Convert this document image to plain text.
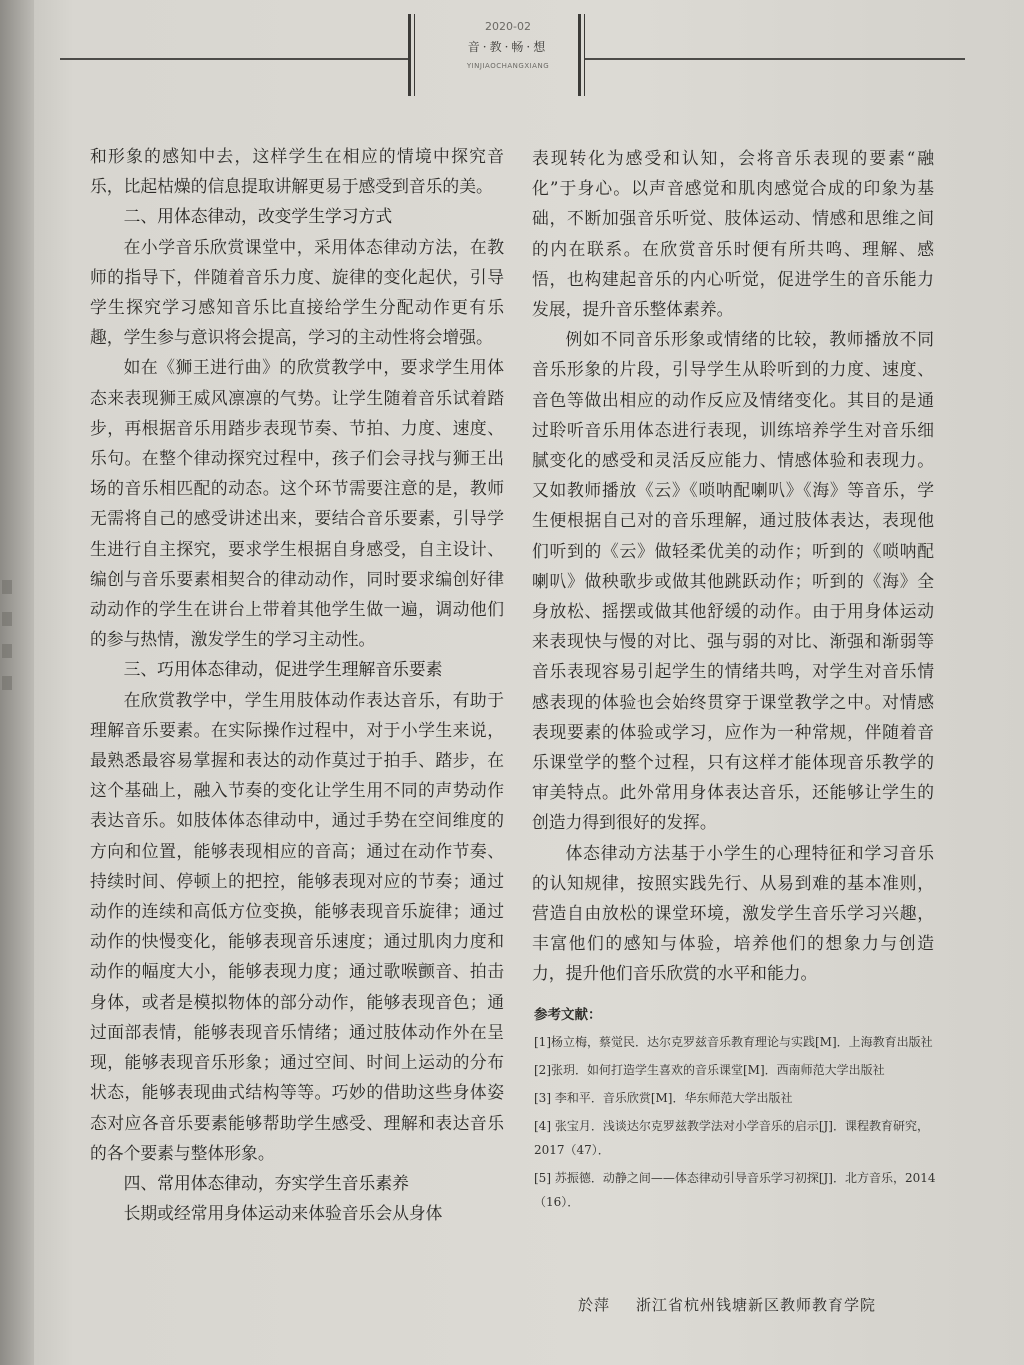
2020-02
音·教·畅·想
YINJIAOCHANGXIANG

和形象的感知中去，这样学生在相应的情境中探究音乐，比起枯燥的信息提取讲解更易于感受到音乐的美。

二、用体态律动，改变学生学习方式

在小学音乐欣赏课堂中，采用体态律动方法，在教师的指导下，伴随着音乐力度、旋律的变化起伏，引导学生探究学习感知音乐比直接给学生分配动作更有乐趣，学生参与意识将会提高，学习的主动性将会增强。

如在《狮王进行曲》的欣赏教学中，要求学生用体态来表现狮王威风凛凛的气势。让学生随着音乐试着踏步，再根据音乐用踏步表现节奏、节拍、力度、速度、乐句。在整个律动探究过程中，孩子们会寻找与狮王出场的音乐相匹配的动态。这个环节需要注意的是，教师无需将自己的感受讲述出来，要结合音乐要素，引导学生进行自主探究，要求学生根据自身感受，自主设计、编创与音乐要素相契合的律动动作，同时要求编创好律动动作的学生在讲台上带着其他学生做一遍，调动他们的参与热情，激发学生的学习主动性。

三、巧用体态律动，促进学生理解音乐要素

在欣赏教学中，学生用肢体动作表达音乐，有助于理解音乐要素。在实际操作过程中，对于小学生来说，最熟悉最容易掌握和表达的动作莫过于拍手、踏步，在这个基础上，融入节奏的变化让学生用不同的声势动作表达音乐。如肢体体态律动中，通过手势在空间维度的方向和位置，能够表现相应的音高；通过在动作节奏、持续时间、停顿上的把控，能够表现对应的节奏；通过动作的连续和高低方位变换，能够表现音乐旋律；通过动作的快慢变化，能够表现音乐速度；通过肌肉力度和动作的幅度大小，能够表现力度；通过歌喉颤音、拍击身体，或者是模拟物体的部分动作，能够表现音色；通过面部表情，能够表现音乐情绪；通过肢体动作外在呈现，能够表现音乐形象；通过空间、时间上运动的分布状态，能够表现曲式结构等等。巧妙的借助这些身体姿态对应各音乐要素能够帮助学生感受、理解和表达音乐的各个要素与整体形象。

四、常用体态律动，夯实学生音乐素养

长期或经常用身体运动来体验音乐会从身体

表现转化为感受和认知，会将音乐表现的要素“融化”于身心。以声音感觉和肌肉感觉合成的印象为基础，不断加强音乐听觉、肢体运动、情感和思维之间的内在联系。在欣赏音乐时便有所共鸣、理解、感悟，也构建起音乐的内心听觉，促进学生的音乐能力发展，提升音乐整体素养。

例如不同音乐形象或情绪的比较，教师播放不同音乐形象的片段，引导学生从聆听到的力度、速度、音色等做出相应的动作反应及情绪变化。其目的是通过聆听音乐用体态进行表现，训练培养学生对音乐细腻变化的感受和灵活反应能力、情感体验和表现力。又如教师播放《云》《唢呐配喇叭》《海》等音乐，学生便根据自己对的音乐理解，通过肢体表达，表现他们听到的《云》做轻柔优美的动作；听到的《唢呐配喇叭》做秧歌步或做其他跳跃动作；听到的《海》全身放松、摇摆或做其他舒缓的动作。由于用身体运动来表现快与慢的对比、强与弱的对比、渐强和渐弱等音乐表现容易引起学生的情绪共鸣，对学生对音乐情感表现的体验也会始终贯穿于课堂教学之中。对情感表现要素的体验或学习，应作为一种常规，伴随着音乐课堂学的整个过程，只有这样才能体现音乐教学的审美特点。此外常用身体表达音乐，还能够让学生的创造力得到很好的发挥。

体态律动方法基于小学生的心理特征和学习音乐的认知规律，按照实践先行、从易到难的基本准则，营造自由放松的课堂环境，激发学生音乐学习兴趣，丰富他们的感知与体验，培养他们的想象力与创造力，提升他们音乐欣赏的水平和能力。

参考文献：
[1]杨立梅，蔡觉民．达尔克罗兹音乐教育理论与实践[M]．上海教育出版社
[2]张玥．如何打造学生喜欢的音乐课堂[M]．西南师范大学出版社
[3] 李和平．音乐欣赏[M]．华东师范大学出版社
[4] 张宝月．浅谈达尔克罗兹教学法对小学音乐的启示[J]．课程教育研究，2017（47）．
[5] 苏振德．动静之间——体态律动引导音乐学习初探[J]．北方音乐，2014（16）．
於萍 浙江省杭州钱塘新区教师教育学院
